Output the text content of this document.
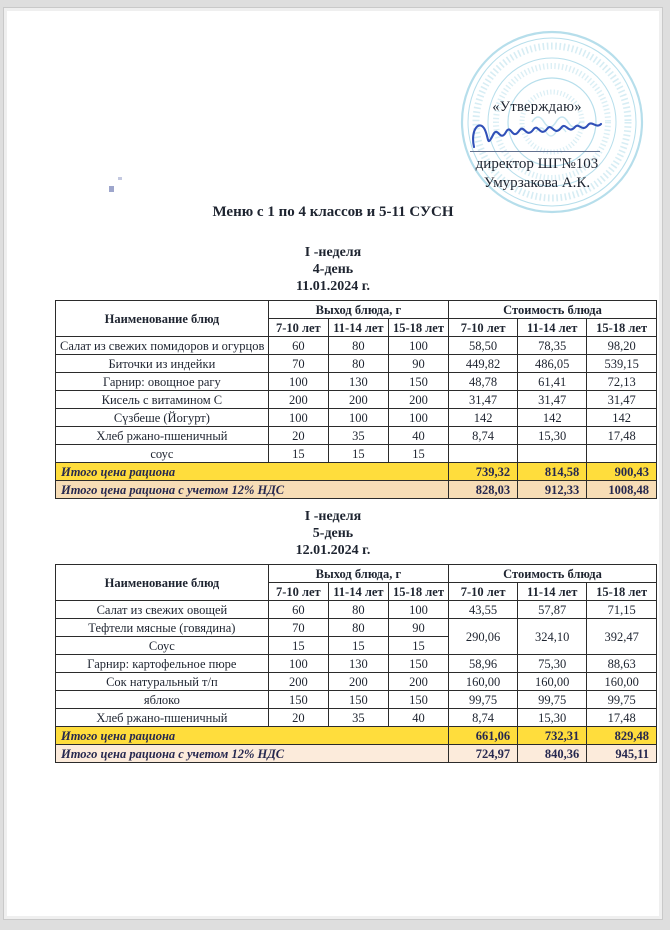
«Утверждаю»
директор ШГ№103
Умурзакова А.К.
Меню с 1 по 4 классов и 5-11 СУСН
I -неделя
4-день
11.01.2024 г.
Наименование блюд	Выход блюда, г			Стоимость блюда		
	7-10 лет	11-14 лет	15-18 лет	7-10 лет	11-14 лет	15-18 лет
Салат из свежих помидоров и огурцов	60	80	100	58,50	78,35	98,20
Биточки из индейки	70	80	90	449,82	486,05	539,15
Гарнир: овощное рагу	100	130	150	48,78	61,41	72,13
Кисель с витамином С	200	200	200	31,47	31,47	31,47
Сүзбеше (Йогурт)	100	100	100	142	142	142
Хлеб ржано-пшеничный	20	35	40	8,74	15,30	17,48
соус	15	15	15			
Итого цена рациона				739,32	814,58	900,43
Итого цена рациона с учетом 12% НДС				828,03	912,33	1008,48
I -неделя
5-день
12.01.2024 г.
Наименование блюд	Выход блюда, г			Стоимость блюда		
	7-10 лет	11-14 лет	15-18 лет	7-10 лет	11-14 лет	15-18 лет
Салат из свежих овощей	60	80	100	43,55	57,87	71,15
Тефтели мясные (говядина)	70	80	90	290,06	324,10	392,47
Соус	15	15	15			
Гарнир: картофельное пюре	100	130	150	58,96	75,30	88,63
Сок натуральный т/п	200	200	200	160,00	160,00	160,00
яблоко	150	150	150	99,75	99,75	99,75
Хлеб ржано-пшеничный	20	35	40	8,74	15,30	17,48
Итого цена рациона				661,06	732,31	829,48
Итого цена рациона с учетом 12% НДС				724,97	840,36	945,11
